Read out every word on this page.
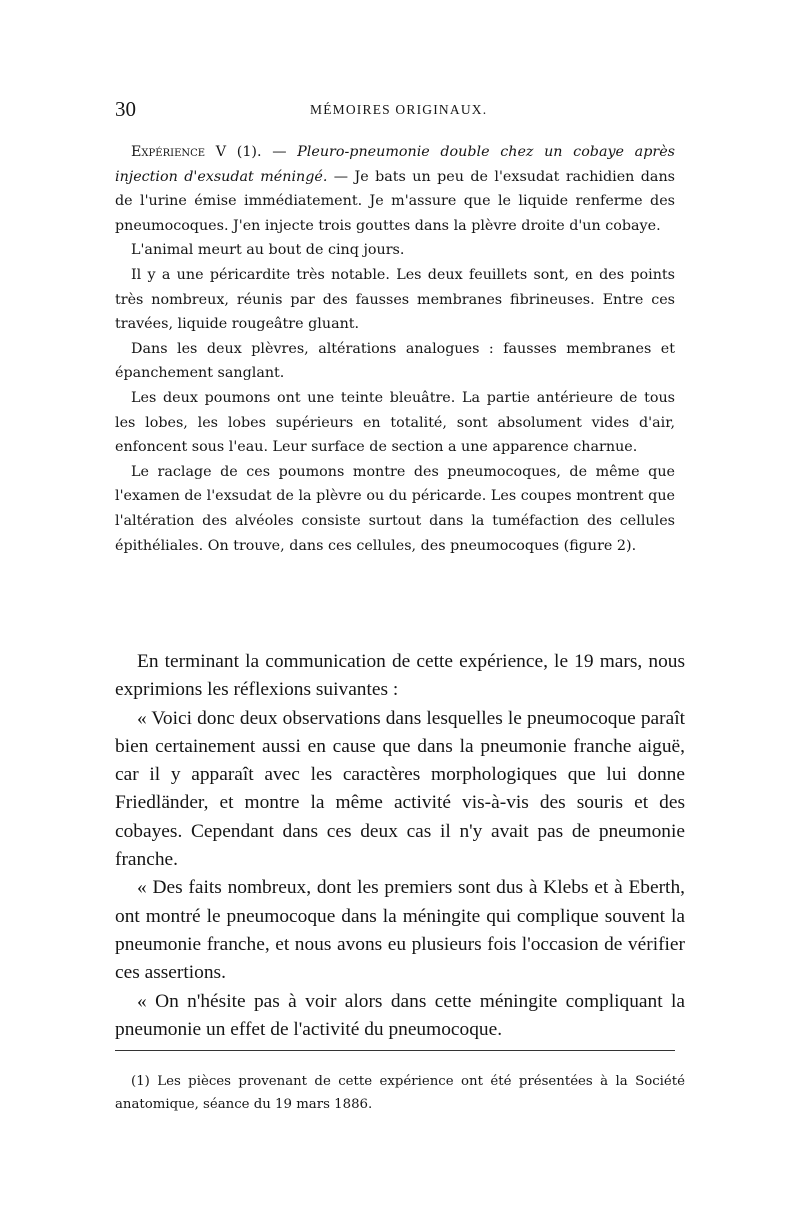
30	MÉMOIRES ORIGINAUX.

Expérience V (1). — Pleuro-pneumonie double chez un cobaye après injection d'exsudat méningé. — Je bats un peu de l'exsudat rachidien dans de l'urine émise immédiatement. Je m'assure que le liquide renferme des pneumocoques. J'en injecte trois gouttes dans la plèvre droite d'un cobaye.

L'animal meurt au bout de cinq jours.

Il y a une péricardite très notable. Les deux feuillets sont, en des points très nombreux, réunis par des fausses membranes fibrineuses. Entre ces travées, liquide rougeâtre gluant.

Dans les deux plèvres, altérations analogues : fausses membranes et épanchement sanglant.

Les deux poumons ont une teinte bleuâtre. La partie antérieure de tous les lobes, les lobes supérieurs en totalité, sont absolument vides d'air, enfoncent sous l'eau. Leur surface de section a une apparence charnue.

Le raclage de ces poumons montre des pneumocoques, de même que l'examen de l'exsudat de la plèvre ou du péricarde. Les coupes montrent que l'altération des alvéoles consiste surtout dans la tuméfaction des cellules épithéliales. On trouve, dans ces cellules, des pneumocoques (figure 2).

En terminant la communication de cette expérience, le 19 mars, nous exprimions les réflexions suivantes :

« Voici donc deux observations dans lesquelles le pneumocoque paraît bien certainement aussi en cause que dans la pneumonie franche aiguë, car il y apparaît avec les caractères morphologiques que lui donne Friedländer, et montre la même activité vis-à-vis des souris et des cobayes. Cependant dans ces deux cas il n'y avait pas de pneumonie franche.

« Des faits nombreux, dont les premiers sont dus à Klebs et à Eberth, ont montré le pneumocoque dans la méningite qui complique souvent la pneumonie franche, et nous avons eu plusieurs fois l'occasion de vérifier ces assertions.

« On n'hésite pas à voir alors dans cette méningite compliquant la pneumonie un effet de l'activité du pneumocoque.

(1) Les pièces provenant de cette expérience ont été présentées à la Société anatomique, séance du 19 mars 1886.
